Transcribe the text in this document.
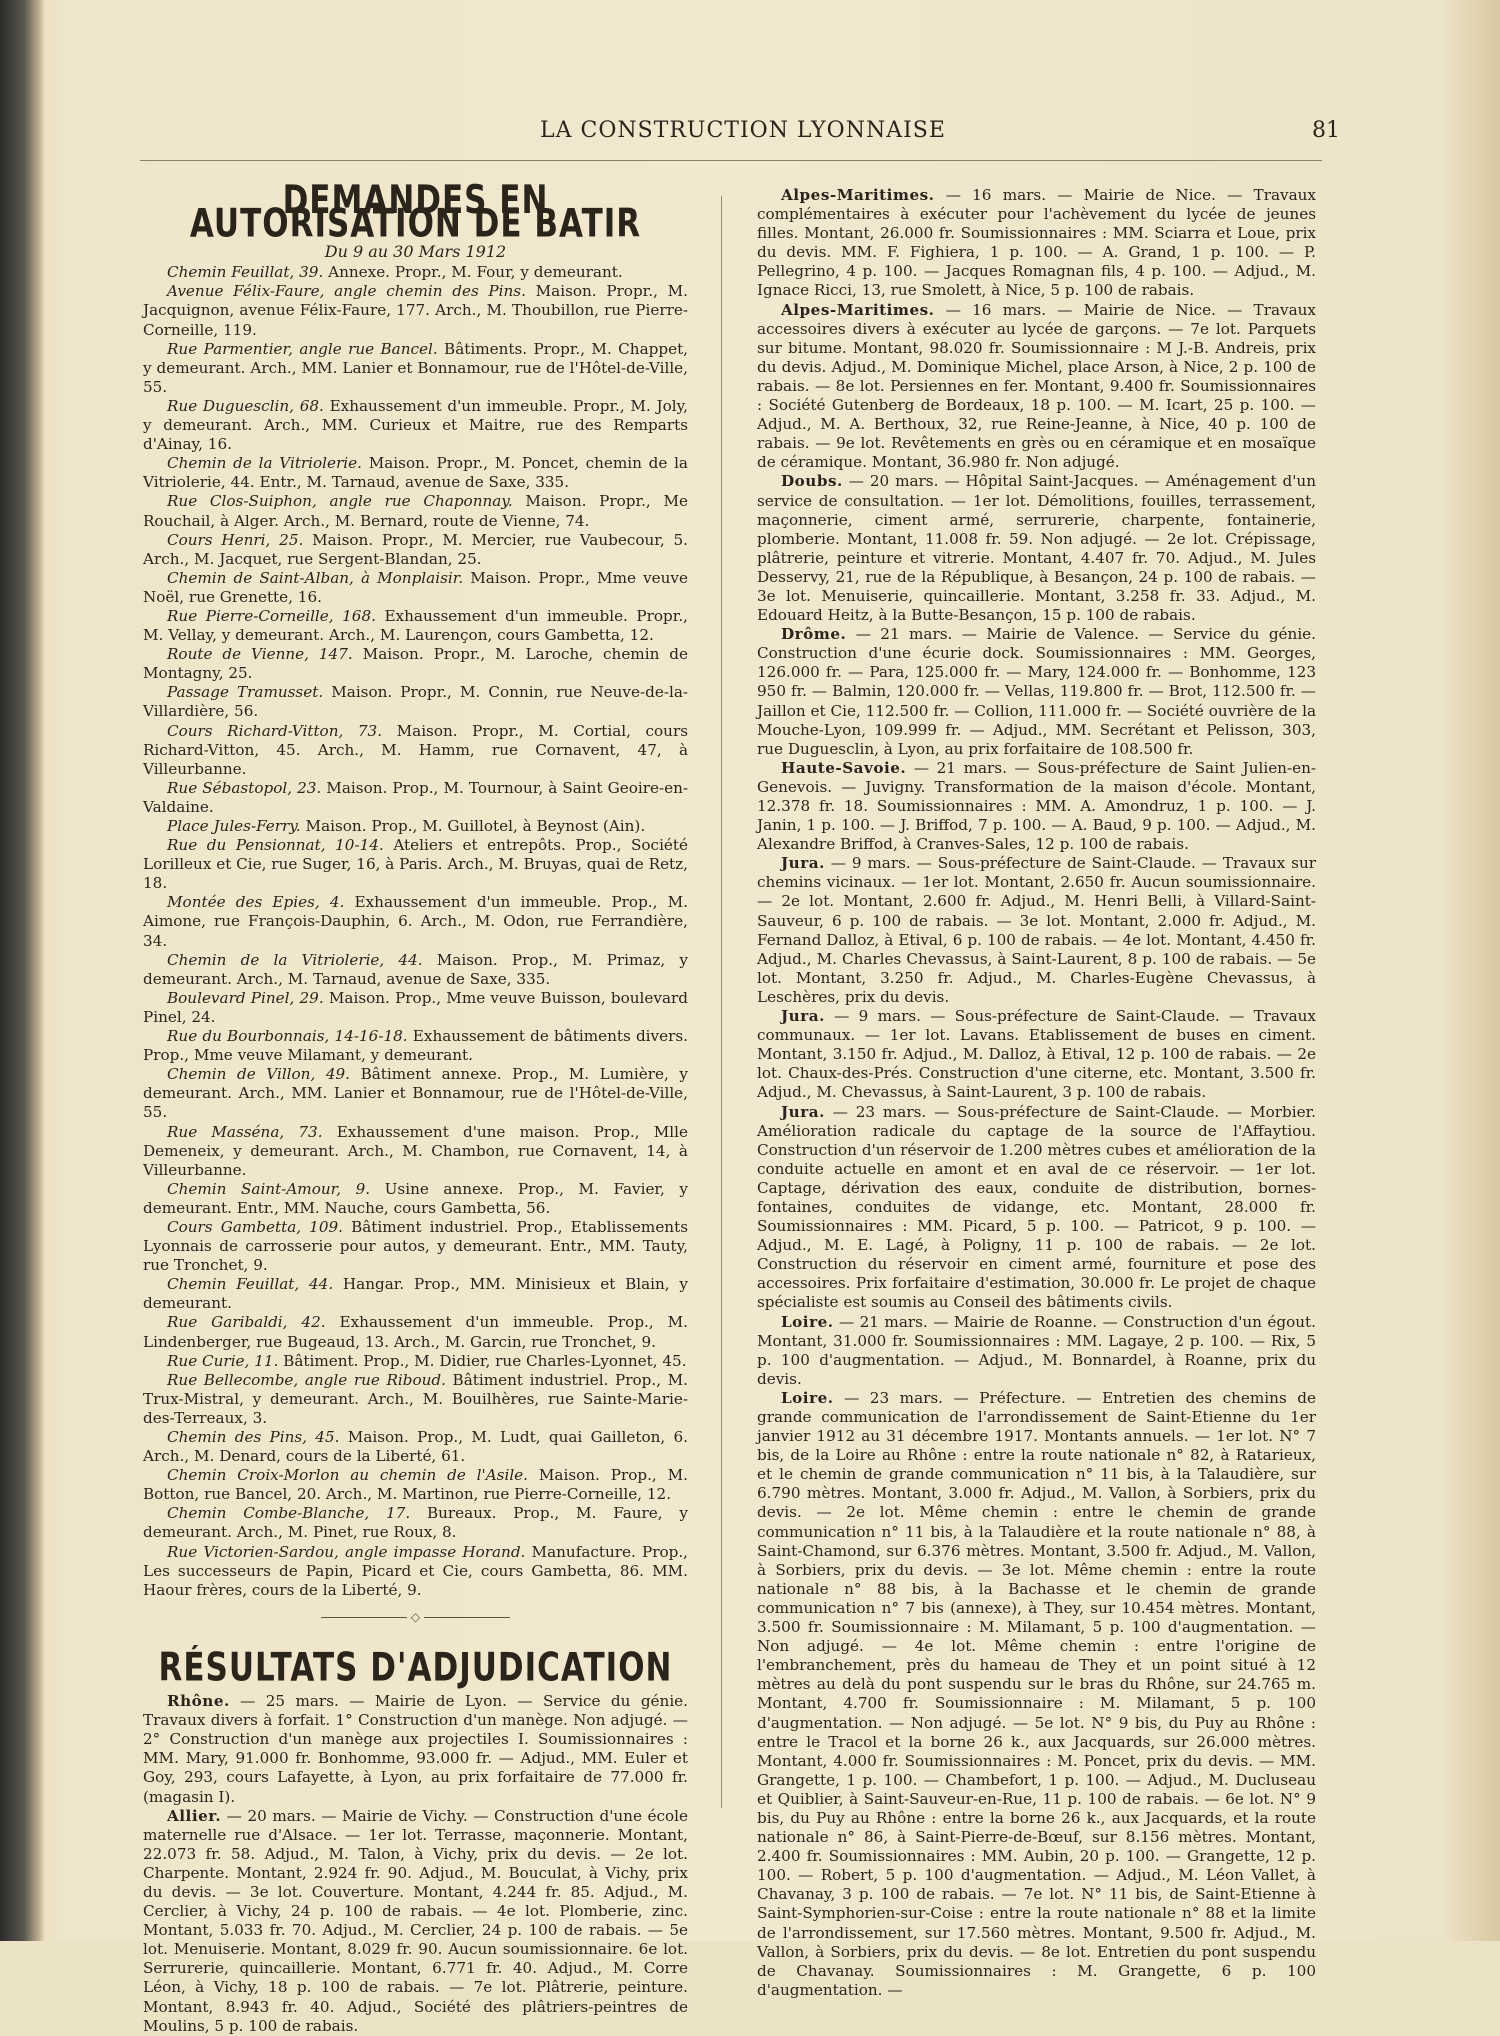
LA CONSTRUCTION LYONNAISE	81
DEMANDES EN AUTORISATION DE BATIR
Du 9 au 30 Mars 1912

Chemin Feuillat, 39. Annexe. Propr., M. Four, y demeurant.

Avenue Félix-Faure, angle chemin des Pins. Maison. Propr., M. Jacquignon, avenue Félix-Faure, 177. Arch., M. Thoubillon, rue Pierre-Corneille, 119.

Rue Parmentier, angle rue Bancel. Bâtiments. Propr., M. Chappet, y demeurant. Arch., MM. Lanier et Bonnamour, rue de l'Hôtel-de-Ville, 55.

Rue Duguesclin, 68. Exhaussement d'un immeuble. Propr., M. Joly, y demeurant. Arch., MM. Curieux et Maitre, rue des Remparts d'Ainay, 16.

Chemin de la Vitriolerie. Maison. Propr., M. Poncet, chemin de la Vitriolerie, 44. Entr., M. Tarnaud, avenue de Saxe, 335.

Rue Clos-Suiphon, angle rue Chaponnay. Maison. Propr., Me Rouchail, à Alger. Arch., M. Bernard, route de Vienne, 74.

Cours Henri, 25. Maison. Propr., M. Mercier, rue Vaubecour, 5. Arch., M. Jacquet, rue Sergent-Blandan, 25.

Chemin de Saint-Alban, à Monplaisir. Maison. Propr., Mme veuve Noël, rue Grenette, 16.

Rue Pierre-Corneille, 168. Exhaussement d'un immeuble. Propr., M. Vellay, y demeurant. Arch., M. Laurençon, cours Gambetta, 12.

Route de Vienne, 147. Maison. Propr., M. Laroche, chemin de Montagny, 25.

Passage Tramusset. Maison. Propr., M. Connin, rue Neuve-de-la-Villardière, 56.

Cours Richard-Vitton, 73. Maison. Propr., M. Cortial, cours Richard-Vitton, 45. Arch., M. Hamm, rue Cornavent, 47, à Villeurbanne.

Rue Sébastopol, 23. Maison. Prop., M. Tournour, à Saint Geoire-en-Valdaine.

Place Jules-Ferry. Maison. Prop., M. Guillotel, à Beynost (Ain).

Rue du Pensionnat, 10-14. Ateliers et entrepôts. Prop., Société Lorilleux et Cie, rue Suger, 16, à Paris. Arch., M. Bruyas, quai de Retz, 18.

Montée des Epies, 4. Exhaussement d'un immeuble. Prop., M. Aimone, rue François-Dauphin, 6. Arch., M. Odon, rue Ferrandière, 34.

Chemin de la Vitriolerie, 44. Maison. Prop., M. Primaz, y demeurant. Arch., M. Tarnaud, avenue de Saxe, 335.

Boulevard Pinel, 29. Maison. Prop., Mme veuve Buisson, boulevard Pinel, 24.

Rue du Bourbonnais, 14-16-18. Exhaussement de bâtiments divers. Prop., Mme veuve Milamant, y demeurant.

Chemin de Villon, 49. Bâtiment annexe. Prop., M. Lumière, y demeurant. Arch., MM. Lanier et Bonnamour, rue de l'Hôtel-de-Ville, 55.

Rue Masséna, 73. Exhaussement d'une maison. Prop., Mlle Demeneix, y demeurant. Arch., M. Chambon, rue Cornavent, 14, à Villeurbanne.

Chemin Saint-Amour, 9. Usine annexe. Prop., M. Favier, y demeurant. Entr., MM. Nauche, cours Gambetta, 56.

Cours Gambetta, 109. Bâtiment industriel. Prop., Etablissements Lyonnais de carrosserie pour autos, y demeurant. Entr., MM. Tauty, rue Tronchet, 9.

Chemin Feuillat, 44. Hangar. Prop., MM. Minisieux et Blain, y demeurant.

Rue Garibaldi, 42. Exhaussement d'un immeuble. Prop., M. Lindenberger, rue Bugeaud, 13. Arch., M. Garcin, rue Tronchet, 9.

Rue Curie, 11. Bâtiment. Prop., M. Didier, rue Charles-Lyonnet, 45.

Rue Bellecombe, angle rue Riboud. Bâtiment industriel. Prop., M. Trux-Mistral, y demeurant. Arch., M. Bouilhères, rue Sainte-Marie-des-Terreaux, 3.

Chemin des Pins, 45. Maison. Prop., M. Ludt, quai Gailleton, 6. Arch., M. Denard, cours de la Liberté, 61.

Chemin Croix-Morlon au chemin de l'Asile. Maison. Prop., M. Botton, rue Bancel, 20. Arch., M. Martinon, rue Pierre-Corneille, 12.

Chemin Combe-Blanche, 17. Bureaux. Prop., M. Faure, y demeurant. Arch., M. Pinet, rue Roux, 8.

Rue Victorien-Sardou, angle impasse Horand. Manufacture. Prop., Les successeurs de Papin, Picard et Cie, cours Gambetta, 86. MM. Haour frères, cours de la Liberté, 9.

◇
RÉSULTATS D'ADJUDICATION

Rhône. — 25 mars. — Mairie de Lyon. — Service du génie. Travaux divers à forfait. 1° Construction d'un manège. Non adjugé. — 2° Construction d'un manège aux projectiles I. Soumissionnaires : MM. Mary, 91.000 fr. Bonhomme, 93.000 fr. — Adjud., MM. Euler et Goy, 293, cours Lafayette, à Lyon, au prix forfaitaire de 77.000 fr. (magasin I).

Allier. — 20 mars. — Mairie de Vichy. — Construction d'une école maternelle rue d'Alsace. — 1er lot. Terrasse, maçonnerie. Montant, 22.073 fr. 58. Adjud., M. Talon, à Vichy, prix du devis. — 2e lot. Charpente. Montant, 2.924 fr. 90. Adjud., M. Bouculat, à Vichy, prix du devis. — 3e lot. Couverture. Montant, 4.244 fr. 85. Adjud., M. Cerclier, à Vichy, 24 p. 100 de rabais. — 4e lot. Plomberie, zinc. Montant, 5.033 fr. 70. Adjud., M. Cerclier, 24 p. 100 de rabais. — 5e lot. Menuiserie. Montant, 8.029 fr. 90. Aucun soumissionnaire. 6e lot. Serrurerie, quincaillerie. Montant, 6.771 fr. 40. Adjud., M. Corre Léon, à Vichy, 18 p. 100 de rabais. — 7e lot. Plâtrerie, peinture. Montant, 8.943 fr. 40. Adjud., Société des plâtriers-peintres de Moulins, 5 p. 100 de rabais.

Alpes-Maritimes. — 16 mars. — Mairie de Nice. — Travaux complémentaires à exécuter pour l'achèvement du lycée de jeunes filles. Montant, 26.000 fr. Soumissionnaires : MM. Sciarra et Loue, prix du devis. MM. F. Fighiera, 1 p. 100. — A. Grand, 1 p. 100. — P. Pellegrino, 4 p. 100. — Jacques Romagnan fils, 4 p. 100. — Adjud., M. Ignace Ricci, 13, rue Smolett, à Nice, 5 p. 100 de rabais.

Alpes-Maritimes. — 16 mars. — Mairie de Nice. — Travaux accessoires divers à exécuter au lycée de garçons. — 7e lot. Parquets sur bitume. Montant, 98.020 fr. Soumissionnaire : M J.-B. Andreis, prix du devis. Adjud., M. Dominique Michel, place Arson, à Nice, 2 p. 100 de rabais. — 8e lot. Persiennes en fer. Montant, 9.400 fr. Soumissionnaires : Société Gutenberg de Bordeaux, 18 p. 100. — M. Icart, 25 p. 100. — Adjud., M. A. Berthoux, 32, rue Reine-Jeanne, à Nice, 40 p. 100 de rabais. — 9e lot. Revêtements en grès ou en céramique et en mosaïque de céramique. Montant, 36.980 fr. Non adjugé.

Doubs. — 20 mars. — Hôpital Saint-Jacques. — Aménagement d'un service de consultation. — 1er lot. Démolitions, fouilles, terrassement, maçonnerie, ciment armé, serrurerie, charpente, fontainerie, plomberie. Montant, 11.008 fr. 59. Non adjugé. — 2e lot. Crépissage, plâtrerie, peinture et vitrerie. Montant, 4.407 fr. 70. Adjud., M. Jules Desservy, 21, rue de la République, à Besançon, 24 p. 100 de rabais. — 3e lot. Menuiserie, quincaillerie. Montant, 3.258 fr. 33. Adjud., M. Edouard Heitz, à la Butte-Besançon, 15 p. 100 de rabais.

Drôme. — 21 mars. — Mairie de Valence. — Service du génie. Construction d'une écurie dock. Soumissionnaires : MM. Georges, 126.000 fr. — Para, 125.000 fr. — Mary, 124.000 fr. — Bonhomme, 123 950 fr. — Balmin, 120.000 fr. — Vellas, 119.800 fr. — Brot, 112.500 fr. — Jaillon et Cie, 112.500 fr. — Collion, 111.000 fr. — Société ouvrière de la Mouche-Lyon, 109.999 fr. — Adjud., MM. Secrétant et Pelisson, 303, rue Duguesclin, à Lyon, au prix forfaitaire de 108.500 fr.

Haute-Savoie. — 21 mars. — Sous-préfecture de Saint Julien-en-Genevois. — Juvigny. Transformation de la maison d'école. Montant, 12.378 fr. 18. Soumissionnaires : MM. A. Amondruz, 1 p. 100. — J. Janin, 1 p. 100. — J. Briffod, 7 p. 100. — A. Baud, 9 p. 100. — Adjud., M. Alexandre Briffod, à Cranves-Sales, 12 p. 100 de rabais.

Jura. — 9 mars. — Sous-préfecture de Saint-Claude. — Travaux sur chemins vicinaux. — 1er lot. Montant, 2.650 fr. Aucun soumissionnaire. — 2e lot. Montant, 2.600 fr. Adjud., M. Henri Belli, à Villard-Saint-Sauveur, 6 p. 100 de rabais. — 3e lot. Montant, 2.000 fr. Adjud., M. Fernand Dalloz, à Etival, 6 p. 100 de rabais. — 4e lot. Montant, 4.450 fr. Adjud., M. Charles Chevassus, à Saint-Laurent, 8 p. 100 de rabais. — 5e lot. Montant, 3.250 fr. Adjud., M. Charles-Eugène Chevassus, à Leschères, prix du devis.

Jura. — 9 mars. — Sous-préfecture de Saint-Claude. — Travaux communaux. — 1er lot. Lavans. Etablissement de buses en ciment. Montant, 3.150 fr. Adjud., M. Dalloz, à Etival, 12 p. 100 de rabais. — 2e lot. Chaux-des-Prés. Construction d'une citerne, etc. Montant, 3.500 fr. Adjud., M. Chevassus, à Saint-Laurent, 3 p. 100 de rabais.

Jura. — 23 mars. — Sous-préfecture de Saint-Claude. — Morbier. Amélioration radicale du captage de la source de l'Affaytiou. Construction d'un réservoir de 1.200 mètres cubes et amélioration de la conduite actuelle en amont et en aval de ce réservoir. — 1er lot. Captage, dérivation des eaux, conduite de distribution, bornes-fontaines, conduites de vidange, etc. Montant, 28.000 fr. Soumissionnaires : MM. Picard, 5 p. 100. — Patricot, 9 p. 100. — Adjud., M. E. Lagé, à Poligny, 11 p. 100 de rabais. — 2e lot. Construction du réservoir en ciment armé, fourniture et pose des accessoires. Prix forfaitaire d'estimation, 30.000 fr. Le projet de chaque spécialiste est soumis au Conseil des bâtiments civils.

Loire. — 21 mars. — Mairie de Roanne. — Construction d'un égout. Montant, 31.000 fr. Soumissionnaires : MM. Lagaye, 2 p. 100. — Rix, 5 p. 100 d'augmentation. — Adjud., M. Bonnardel, à Roanne, prix du devis.

Loire. — 23 mars. — Préfecture. — Entretien des chemins de grande communication de l'arrondissement de Saint-Etienne du 1er janvier 1912 au 31 décembre 1917. Montants annuels. — 1er lot. N° 7 bis, de la Loire au Rhône : entre la route nationale n° 82, à Ratarieux, et le chemin de grande communication n° 11 bis, à la Talaudière, sur 6.790 mètres. Montant, 3.000 fr. Adjud., M. Vallon, à Sorbiers, prix du devis. — 2e lot. Même chemin : entre le chemin de grande communication n° 11 bis, à la Talaudière et la route nationale n° 88, à Saint-Chamond, sur 6.376 mètres. Montant, 3.500 fr. Adjud., M. Vallon, à Sorbiers, prix du devis. — 3e lot. Même chemin : entre la route nationale n° 88 bis, à la Bachasse et le chemin de grande communication n° 7 bis (annexe), à They, sur 10.454 mètres. Montant, 3.500 fr. Soumissionnaire : M. Milamant, 5 p. 100 d'augmentation. — Non adjugé. — 4e lot. Même chemin : entre l'origine de l'embranchement, près du hameau de They et un point situé à 12 mètres au delà du pont suspendu sur le bras du Rhône, sur 24.765 m. Montant, 4.700 fr. Soumissionnaire : M. Milamant, 5 p. 100 d'augmentation. — Non adjugé. — 5e lot. N° 9 bis, du Puy au Rhône : entre le Tracol et la borne 26 k., aux Jacquards, sur 26.000 mètres. Montant, 4.000 fr. Soumissionnaires : M. Poncet, prix du devis. — MM. Grangette, 1 p. 100. — Chambefort, 1 p. 100. — Adjud., M. Ducluseau et Quiblier, à Saint-Sauveur-en-Rue, 11 p. 100 de rabais. — 6e lot. N° 9 bis, du Puy au Rhône : entre la borne 26 k., aux Jacquards, et la route nationale n° 86, à Saint-Pierre-de-Bœuf, sur 8.156 mètres. Montant, 2.400 fr. Soumissionnaires : MM. Aubin, 20 p. 100. — Grangette, 12 p. 100. — Robert, 5 p. 100 d'augmentation. — Adjud., M. Léon Vallet, à Chavanay, 3 p. 100 de rabais. — 7e lot. N° 11 bis, de Saint-Etienne à Saint-Symphorien-sur-Coise : entre la route nationale n° 88 et la limite de l'arrondissement, sur 17.560 mètres. Montant, 9.500 fr. Adjud., M. Vallon, à Sorbiers, prix du devis. — 8e lot. Entretien du pont suspendu de Chavanay. Soumissionnaires : M. Grangette, 6 p. 100 d'augmentation. —
